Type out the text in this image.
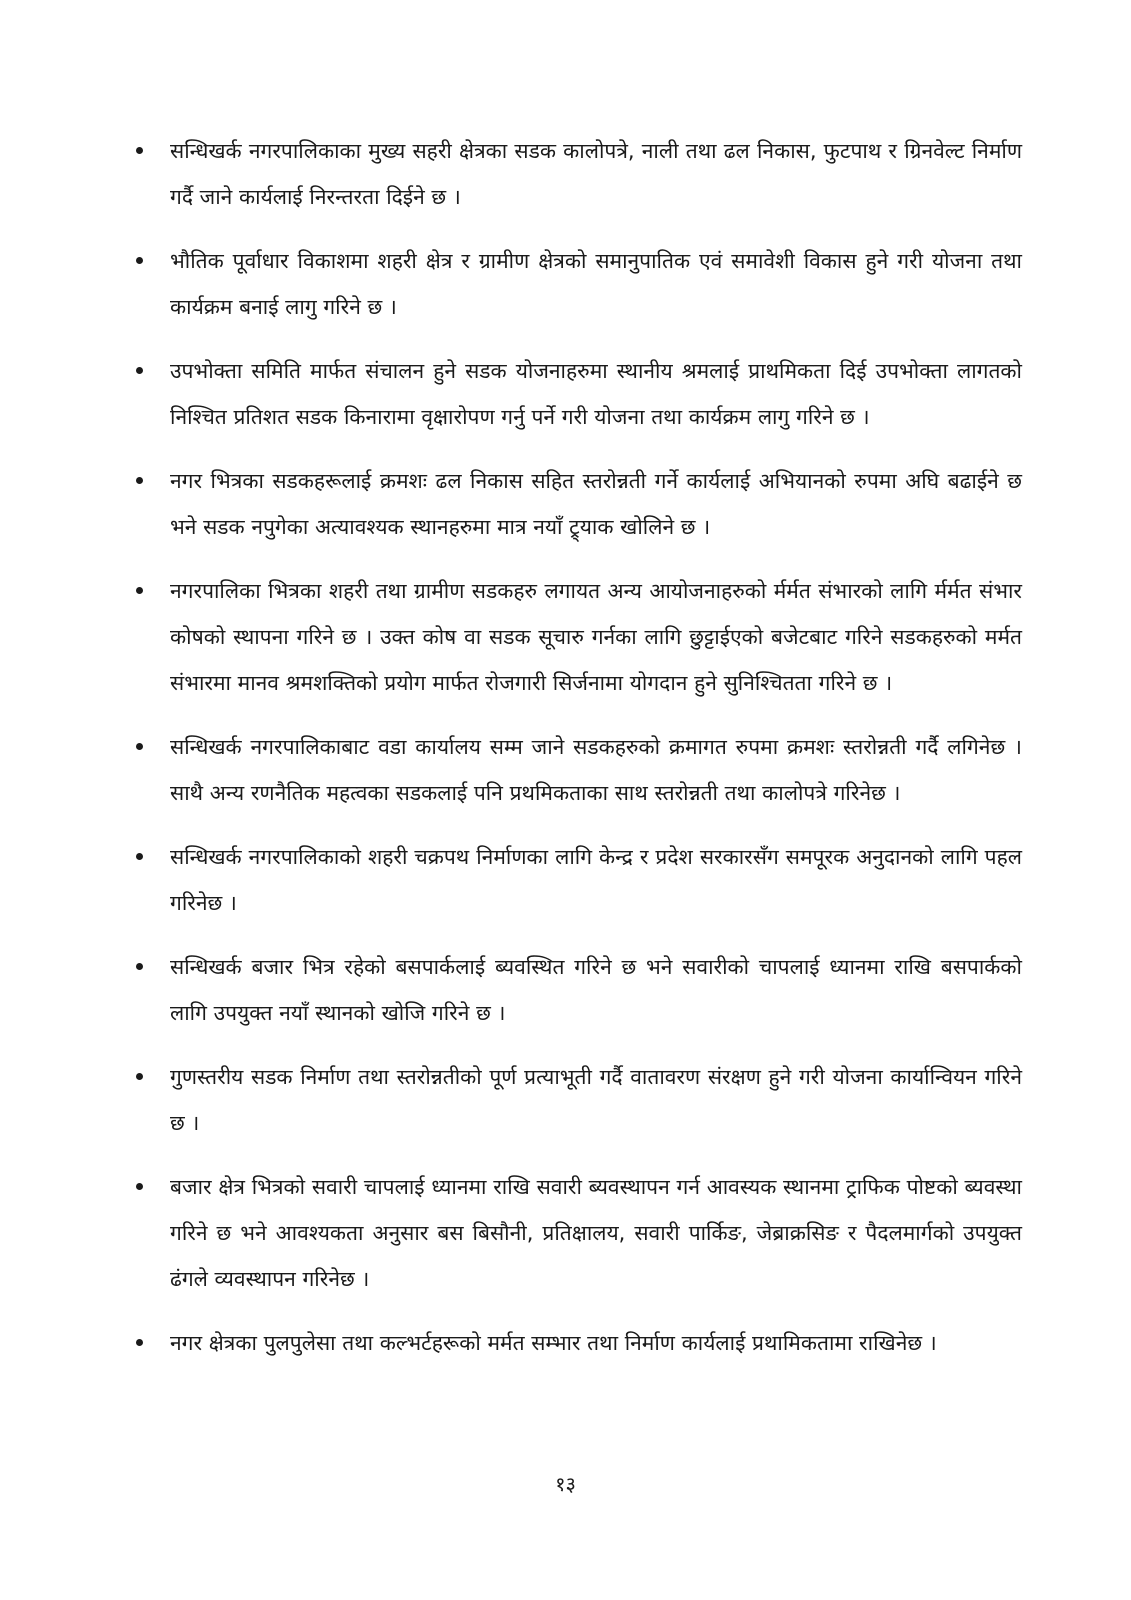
सन्धिखर्क नगरपालिकाका मुख्य सहरी क्षेत्रका सडक कालोपत्रे, नाली तथा ढल निकास, फुटपाथ र ग्रिनवेल्ट निर्माण गर्दै जाने कार्यलाई निरन्तरता दिईने छ ।
भौतिक पूर्वाधार विकाशमा शहरी क्षेत्र र ग्रामीण क्षेत्रको समानुपातिक एवं समावेशी विकास हुने गरी योजना तथा कार्यक्रम बनाई लागु गरिने छ ।
उपभोक्ता समिति मार्फत संचालन हुने सडक योजनाहरुमा स्थानीय श्रमलाई प्राथमिकता दिई उपभोक्ता लागतको निश्चित प्रतिशत सडक किनारामा वृक्षारोपण गर्नु पर्ने गरी योजना तथा कार्यक्रम लागु गरिने छ ।
नगर भित्रका सडकहरूलाई क्रमशः ढल निकास सहित स्तरोन्नती गर्ने कार्यलाई अभियानको रुपमा अघि बढाईने छ भने सडक नपुगेका अत्यावश्यक स्थानहरुमा मात्र नयाँ ट्र्याक खोलिने छ ।
नगरपालिका भित्रका शहरी तथा ग्रामीण सडकहरु लगायत अन्य आयोजनाहरुको र्मर्मत संभारको लागि र्मर्मत संभार कोषको स्थापना गरिने छ । उक्त कोष वा सडक सूचारु गर्नका लागि छुट्टाईएको बजेटबाट गरिने सडकहरुको मर्मत संभारमा मानव श्रमशक्तिको प्रयोग मार्फत रोजगारी सिर्जनामा योगदान हुने सुनिश्चितता गरिने छ ।
सन्धिखर्क नगरपालिकाबाट वडा कार्यालय सम्म जाने सडकहरुको क्रमागत रुपमा क्रमशः स्तरोन्नती गर्दै लगिनेछ । साथै अन्य रणनैतिक महत्वका सडकलाई पनि प्रथमिकताका साथ स्तरोन्नती तथा कालोपत्रे गरिनेछ ।
सन्धिखर्क नगरपालिकाको शहरी चक्रपथ निर्माणका लागि केन्द्र र प्रदेश सरकारसँग समपूरक अनुदानको लागि पहल गरिनेछ ।
सन्धिखर्क बजार भित्र रहेको बसपार्कलाई ब्यवस्थित गरिने छ भने सवारीको चापलाई ध्यानमा राखि बसपार्कको लागि उपयुक्त नयाँ स्थानको खोजि गरिने छ ।
गुणस्तरीय सडक निर्माण तथा स्तरोन्नतीको पूर्ण प्रत्याभूती गर्दै वातावरण संरक्षण हुने गरी योजना कार्यान्वियन गरिने छ ।
बजार क्षेत्र भित्रको सवारी चापलाई ध्यानमा राखि सवारी ब्यवस्थापन गर्न आवस्यक स्थानमा ट्राफिक पोष्टको ब्यवस्था गरिने छ भने आवश्यकता अनुसार बस बिसौनी, प्रतिक्षालय, सवारी पार्किङ, जेब्राक्रसिङ र पैदलमार्गको उपयुक्त ढंगले व्यवस्थापन गरिनेछ ।
नगर क्षेत्रका पुलपुलेसा तथा कल्भर्टहरूको मर्मत सम्भार तथा निर्माण कार्यलाई प्रथामिकतामा राखिनेछ ।
१३
